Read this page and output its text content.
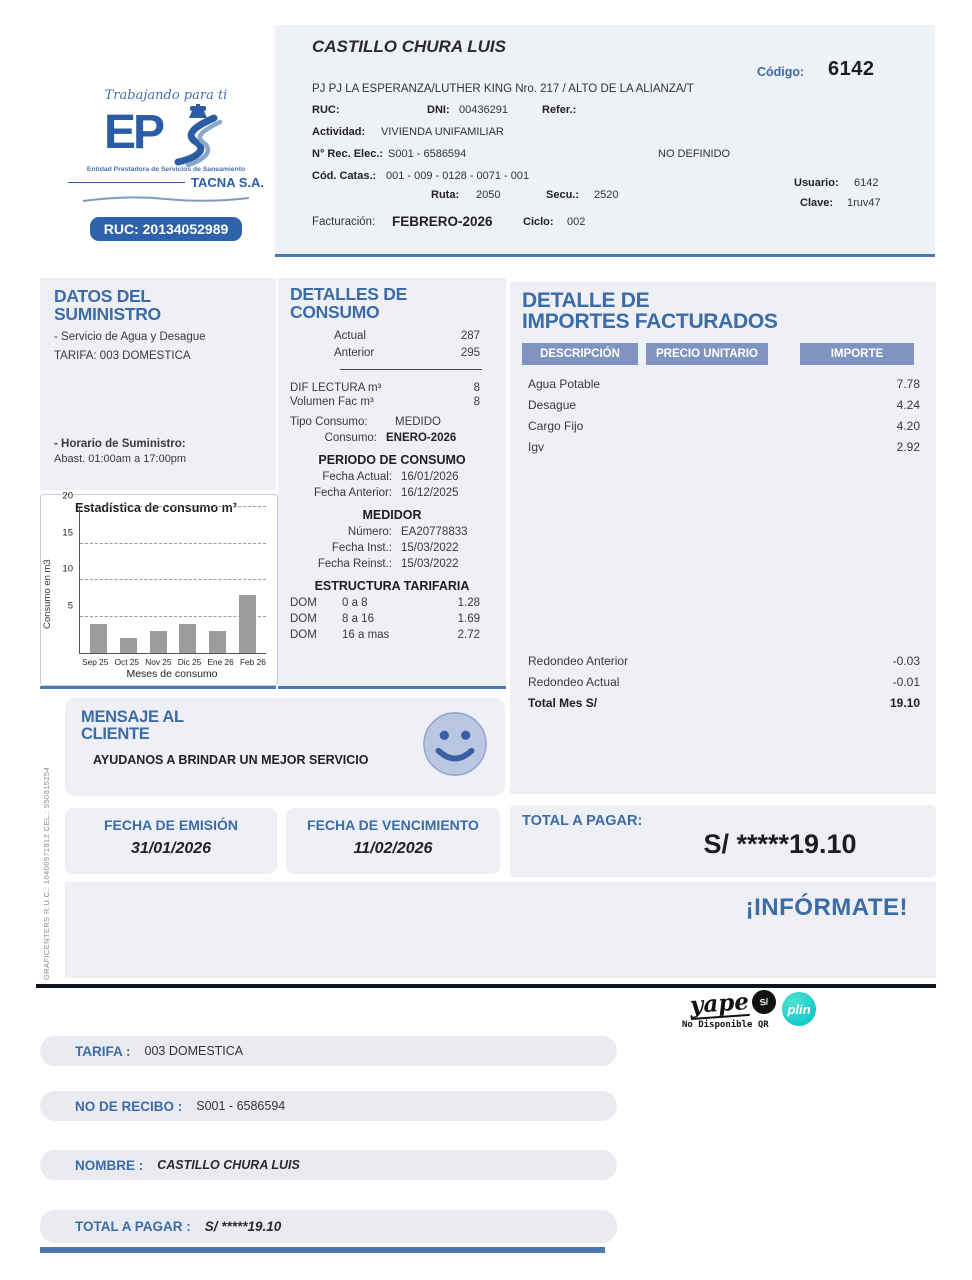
GRAFICENTERS R.U.C.: 10400971812 CEL.: 950815254
Trabajando para ti
EP
Entidad Prestadora de Servicios de Saneamiento
TACNA S.A.
RUC: 20134052989
CASTILLO CHURA LUIS
Código: 6142
PJ PJ LA ESPERANZA/LUTHER KING Nro. 217 / ALTO DE LA ALIANZA/T
RUC:	DNI: 00436291	Refer.:
Actividad: VIVIENDA UNIFAMILIAR
N° Rec. Elec.: S001 - 6586594	NO DEFINIDO
Cód. Catas.: 001 - 009 - 0128 - 0071 - 001
Ruta: 2050	Secu.: 2520
Usuario: 6142
Clave: 1ruv47
Facturación: FEBRERO-2026	Ciclo: 002
DATOS DEL
SUMINISTRO
- Servicio de Agua y Desague
TARIFA: 003 DOMESTICA
- Horario de Suministro:
Abast. 01:00am a 17:00pm
Estadística de consumo m³
Consumo en m3 5
10
15
20
Sep 25 Oct 25 Nov 25 Dic 25 Ene 26 Feb 26
Meses de consumo
DETALLES DE
CONSUMO
Actual	287
Anterior	295
DIF LECTURA m³	8
Volumen Fac m³	8
Tipo Consumo:	MEDIDO
Consumo: ENERO-2026
PERIODO DE CONSUMO
Fecha Actual: 16/01/2026
Fecha Anterior: 16/12/2025
MEDIDOR
Número: EA20778833
Fecha Inst.: 15/03/2022
Fecha Reinst.: 15/03/2022
ESTRUCTURA TARIFARIA
DOM	0 a 8	1.28
DOM	8 a 16	1.69
DOM	16 a mas	2.72
DETALLE DE
IMPORTES FACTURADOS
DESCRIPCIÓN	PRECIO UNITARIO	IMPORTE
Agua Potable	7.78
Desague	4.24
Cargo Fijo	4.20
Igv	2.92
Redondeo Anterior	-0.03
Redondeo Actual	-0.01
Total Mes S/	19.10
MENSAJE AL
CLIENTE
AYUDANOS A BRINDAR UN MEJOR SERVICIO
FECHA DE EMISIÓN
31/01/2026
FECHA DE VENCIMIENTO
11/02/2026
TOTAL A PAGAR:
S/ *****19.10
¡INFÓRMATE!
yape	S/	plin
No Disponible QR
TARIFA : 003 DOMESTICA
NO DE RECIBO : S001 - 6586594
NOMBRE : CASTILLO CHURA LUIS
TOTAL A PAGAR : S/ *****19.10
